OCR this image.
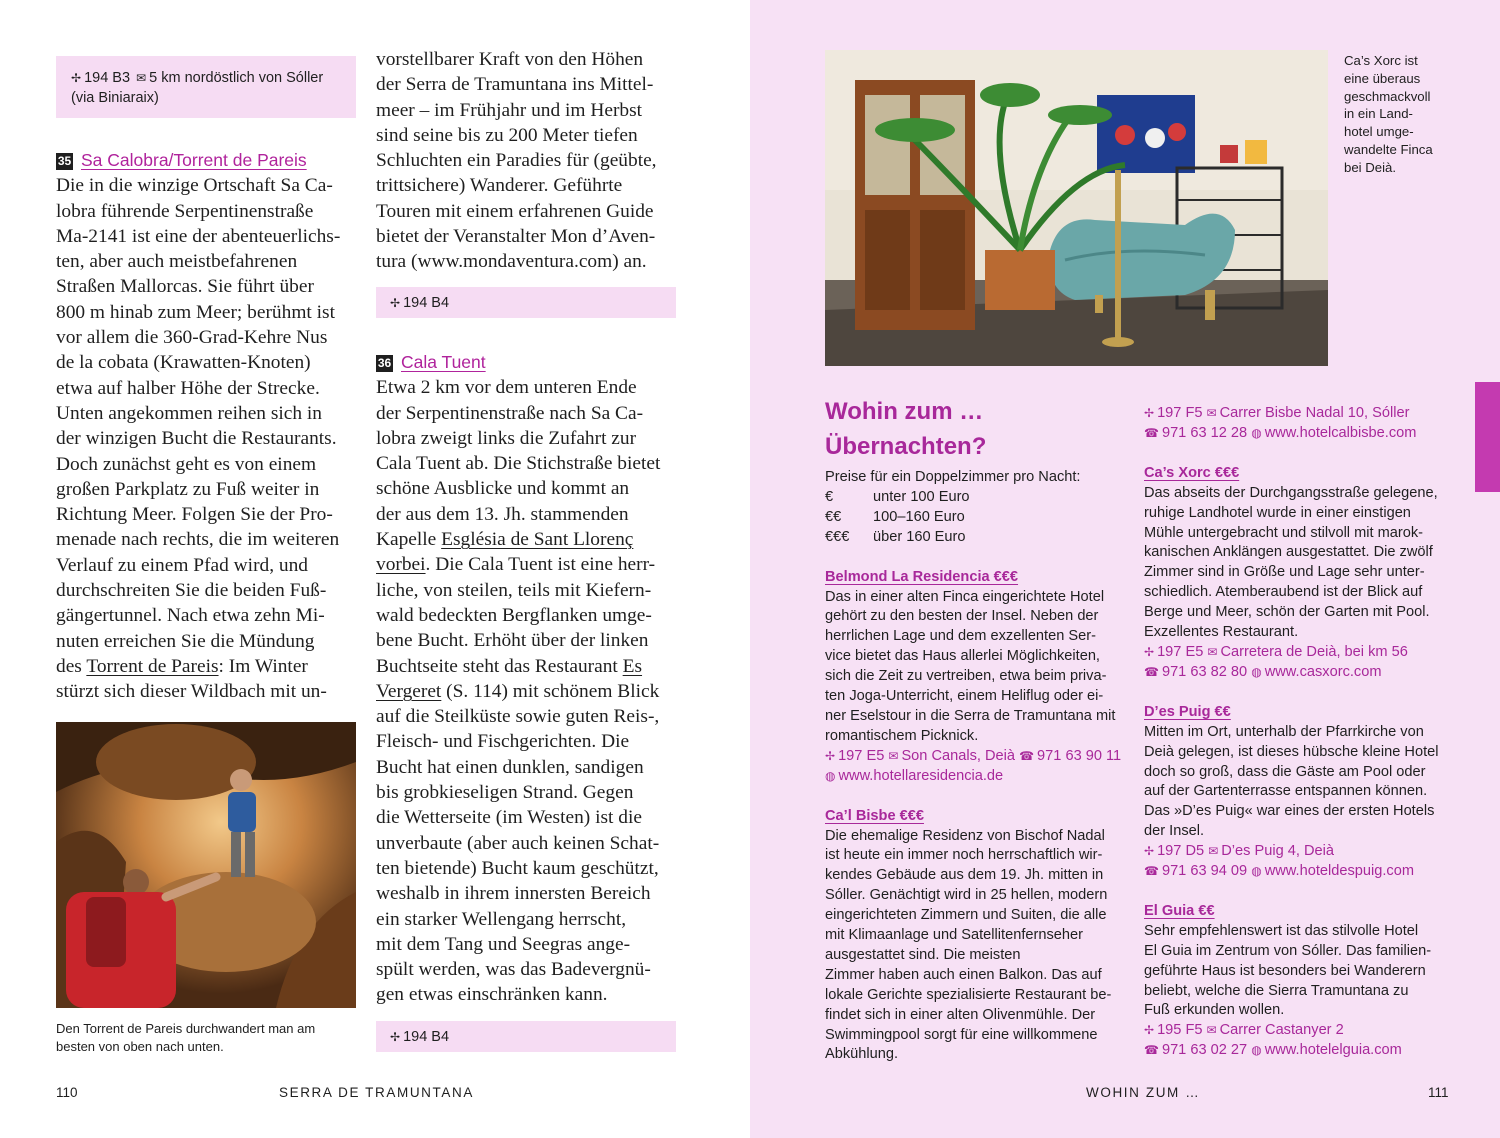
✢ 194 B3 ✉ 5 km nordöstlich von Sóller (via Biniaraix)
35 Sa Calobra/Torrent de Pareis
Die in die winzige Ortschaft Sa Ca-
lobra führende Serpentinenstraße
Ma-2141 ist eine der abenteuerlichs-
ten, aber auch meistbefahrenen
Straßen Mallorcas. Sie führt über
800 m hinab zum Meer; berühmt ist
vor allem die 360-Grad-Kehre Nus
de la cobata (Krawatten-Knoten)
etwa auf halber Höhe der Strecke.
Unten angekommen reihen sich in
der winzigen Bucht die Restaurants.
Doch zunächst geht es von einem
großen Parkplatz zu Fuß weiter in
Richtung Meer. Folgen Sie der Pro-
menade nach rechts, die im weiteren
Verlauf zu einem Pfad wird, und
durchschreiten Sie die beiden Fuß-
gängertunnel. Nach etwa zehn Mi-
nuten erreichen Sie die Mündung
des Torrent de Pareis: Im Winter
stürzt sich dieser Wildbach mit un-
Den Torrent de Pareis durchwandert man am
besten von oben nach unten.
vorstellbarer Kraft von den Höhen
der Serra de Tramuntana ins Mittel-
meer – im Frühjahr und im Herbst
sind seine bis zu 200 Meter tiefen
Schluchten ein Paradies für (geübte,
trittsichere) Wanderer. Geführte
Touren mit einem erfahrenen Guide
bietet der Veranstalter Mon d’Aven-
tura (www.mondaventura.com) an.
✢ 194 B4
36 Cala Tuent
Etwa 2 km vor dem unteren Ende
der Serpentinenstraße nach Sa Ca-
lobra zweigt links die Zufahrt zur
Cala Tuent ab. Die Stichstraße bietet
schöne Ausblicke und kommt an
der aus dem 13. Jh. stammenden
Kapelle Església de Sant Llorenç
vorbei. Die Cala Tuent ist eine herr-
liche, von steilen, teils mit Kiefern-
wald bedeckten Bergflanken umge-
bene Bucht. Erhöht über der linken
Buchtseite steht das Restaurant Es
Vergeret (S. 114) mit schönem Blick
auf die Steilküste sowie guten Reis-,
Fleisch- und Fischgerichten. Die
Bucht hat einen dunklen, sandigen
bis grobkieseligen Strand. Gegen
die Wetterseite (im Westen) ist die
unverbaute (aber auch keinen Schat-
ten bietende) Bucht kaum geschützt,
weshalb in ihrem innersten Bereich
ein starker Wellengang herrscht,
mit dem Tang und Seegras ange-
spült werden, was das Badevergnü-
gen etwas einschränken kann.
✢ 194 B4
110	SERRA DE TRAMUNTANA
Ca’s Xorc ist
eine überaus
geschmackvoll
in ein Land-
hotel umge-
wandelte Finca
bei Deià.
Wohin zum …
Übernachten?
Preise für ein Doppelzimmer pro Nacht:
€	unter 100 Euro
€€ 100–160 Euro
€€€ über 160 Euro
Belmond La Residencia €€€
Das in einer alten Finca eingerichtete Hotel
gehört zu den besten der Insel. Neben der
herrlichen Lage und dem exzellenten Ser-
vice bietet das Haus allerlei Möglichkeiten,
sich die Zeit zu vertreiben, etwa beim priva-
ten Joga-Unterricht, einem Heliflug oder ei-
ner Eselstour in die Serra de Tramuntana mit
romantischem Picknick.
✢ 197 E5 ✉ Son Canals, Deià ☎ 971 63 90 11
◍ www.hotellaresidencia.de
Ca’l Bisbe €€€
Die ehemalige Residenz von Bischof Nadal
ist heute ein immer noch herrschaftlich wir-
kendes Gebäude aus dem 19. Jh. mitten in
Sóller. Genächtigt wird in 25 hellen, modern
eingerichteten Zimmern und Suiten, die alle
mit Klimaanlage und Satellitenfernseher
ausgestattet sind. Die meisten
Zimmer haben auch einen Balkon. Das auf
lokale Gerichte spezialisierte Restaurant be-
findet sich in einer alten Olivenmühle. Der
Swimmingpool sorgt für eine willkommene
Abkühlung.
✢ 197 F5 ✉ Carrer Bisbe Nadal 10, Sóller
☎ 971 63 12 28 ◍ www.hotelcalbisbe.com
Ca’s Xorc €€€
Das abseits der Durchgangsstraße gelegene,
ruhige Landhotel wurde in einer einstigen
Mühle untergebracht und stilvoll mit marok-
kanischen Anklängen ausgestattet. Die zwölf
Zimmer sind in Größe und Lage sehr unter-
schiedlich. Atemberaubend ist der Blick auf
Berge und Meer, schön der Garten mit Pool.
Exzellentes Restaurant.
✢ 197 E5 ✉ Carretera de Deià, bei km 56
☎ 971 63 82 80 ◍ www.casxorc.com
D’es Puig €€
Mitten im Ort, unterhalb der Pfarrkirche von
Deià gelegen, ist dieses hübsche kleine Hotel
doch so groß, dass die Gäste am Pool oder
auf der Gartenterrasse entspannen können.
Das »D’es Puig« war eines der ersten Hotels
der Insel.
✢ 197 D5 ✉ D’es Puig 4, Deià
☎ 971 63 94 09 ◍ www.hoteldespuig.com
El Guia €€
Sehr empfehlenswert ist das stilvolle Hotel
El Guia im Zentrum von Sóller. Das familien-
geführte Haus ist besonders bei Wanderern
beliebt, welche die Sierra Tramuntana zu
Fuß erkunden wollen.
✢ 195 F5 ✉ Carrer Castanyer 2
☎ 971 63 02 27 ◍ www.hotelelguia.com
WOHIN ZUM …	111
